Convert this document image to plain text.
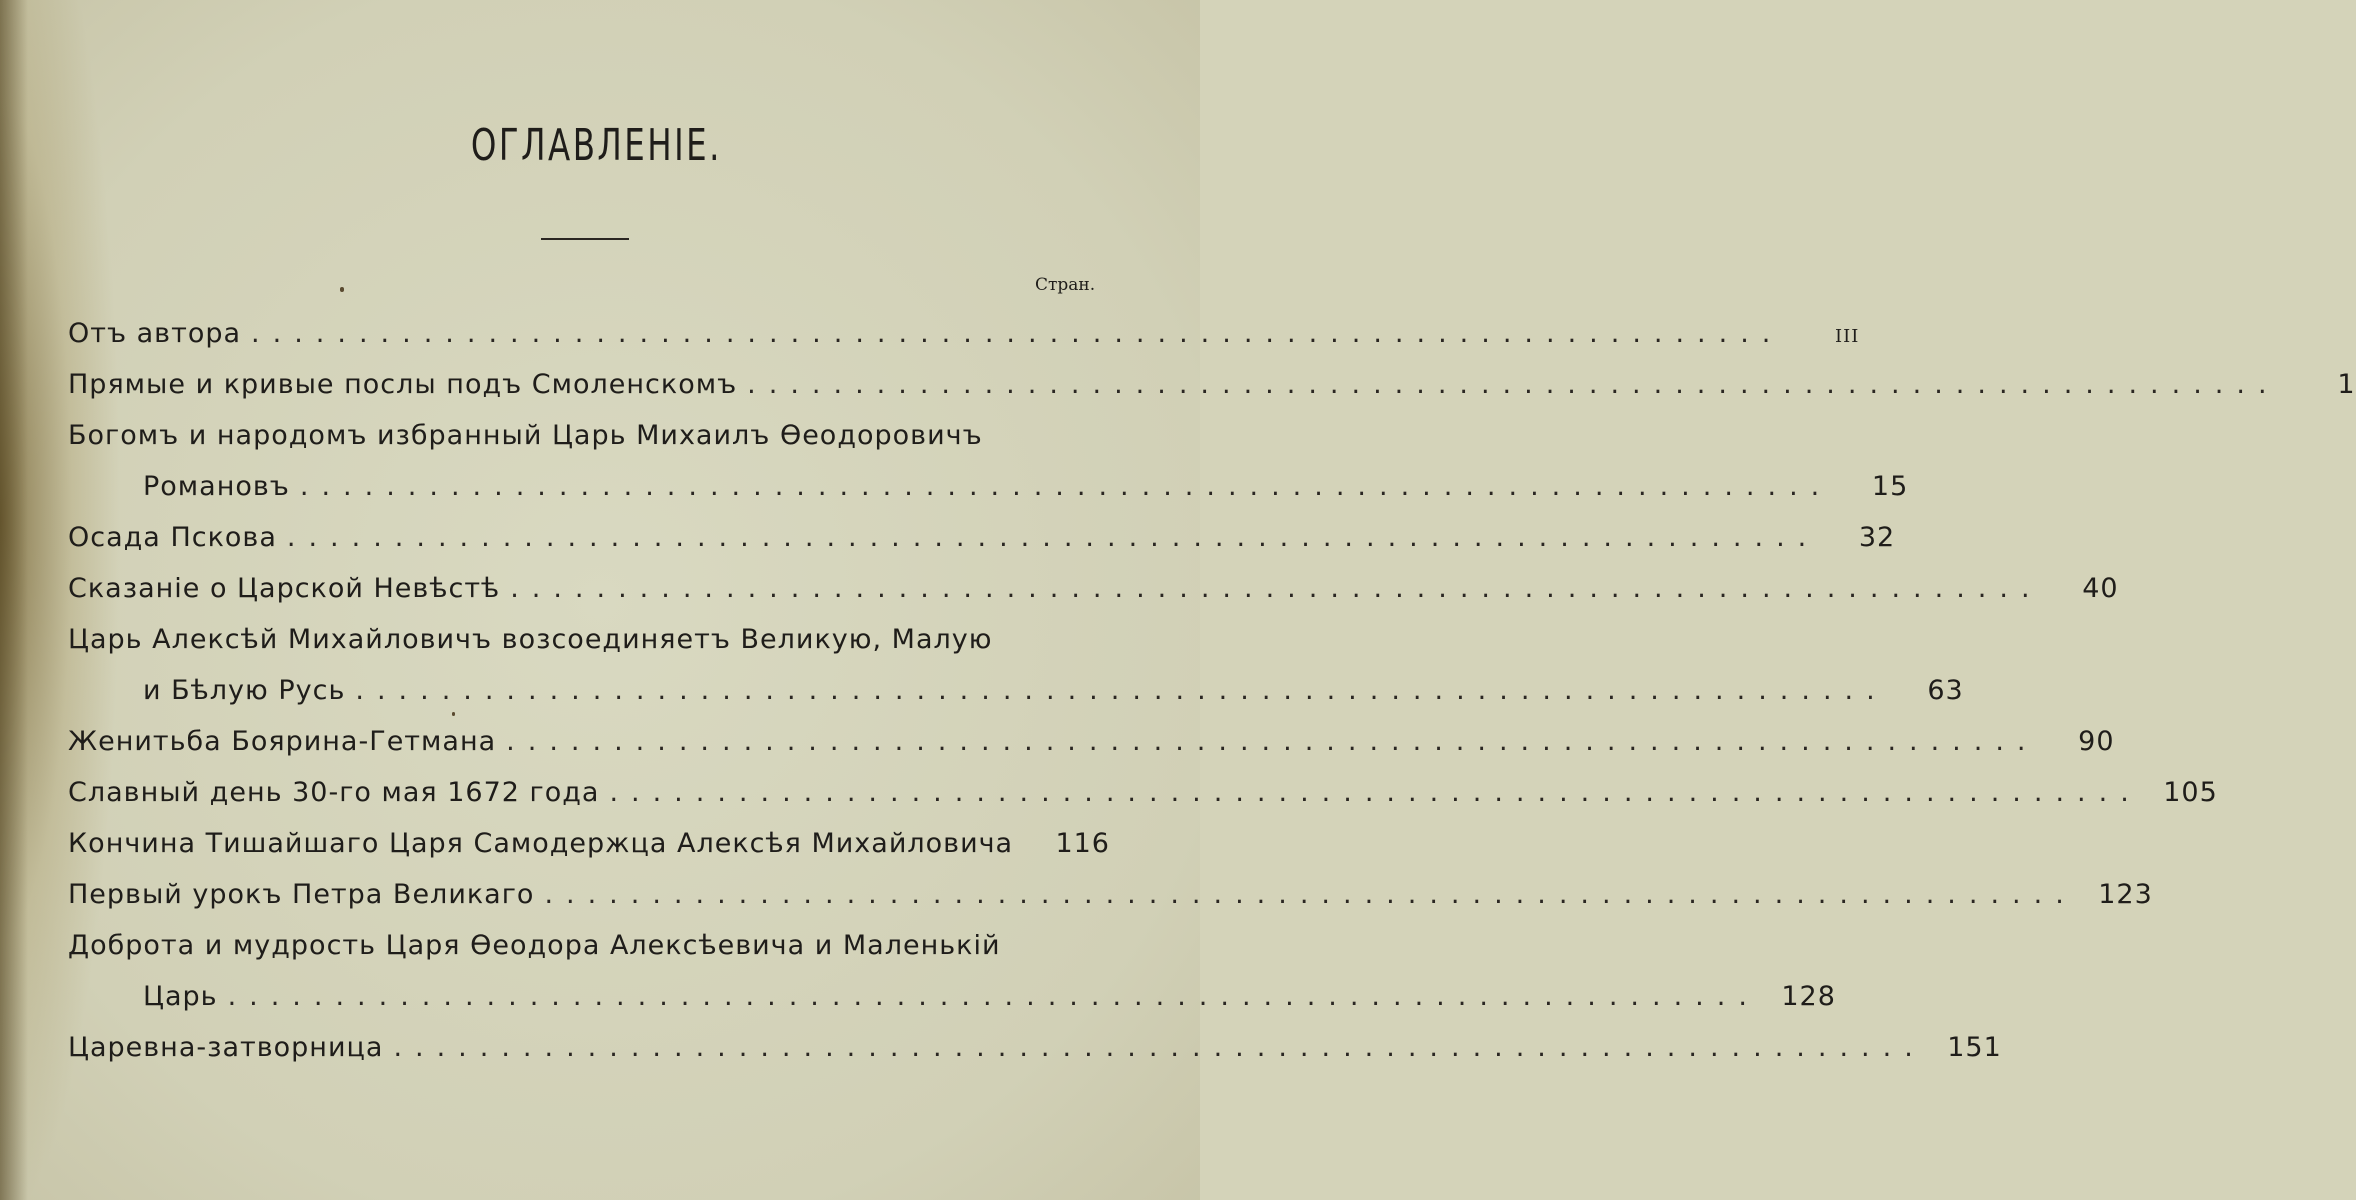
ОГЛАВЛЕНІЕ.
Стран.
Отъ автора .......................................................................	III
Прямые и кривые послы подъ Смоленскомъ .......................................................................	1
Богомъ и народомъ избранный Царь Михаилъ Ѳеодоровичъ
Романовъ .......................................................................	15
Осада Пскова .......................................................................	32
Сказаніе о Царской Невѣстѣ .......................................................................	40
Царь Алексѣй Михайловичъ возсоединяетъ Великую, Малую
и Бѣлую Русь .......................................................................	63
Женитьба Боярина-Гетмана .......................................................................	90
Славный день 30-го мая 1672 года ....................................................................... 105
Кончина Тишайшаго Царя Самодержца Алексѣя Михайловича 116
Первый урокъ Петра Великаго ....................................................................... 123
Доброта и мудрость Царя Ѳеодора Алексѣевича и Маленькій
Царь ....................................................................... 128
Царевна-затворница ....................................................................... 151
